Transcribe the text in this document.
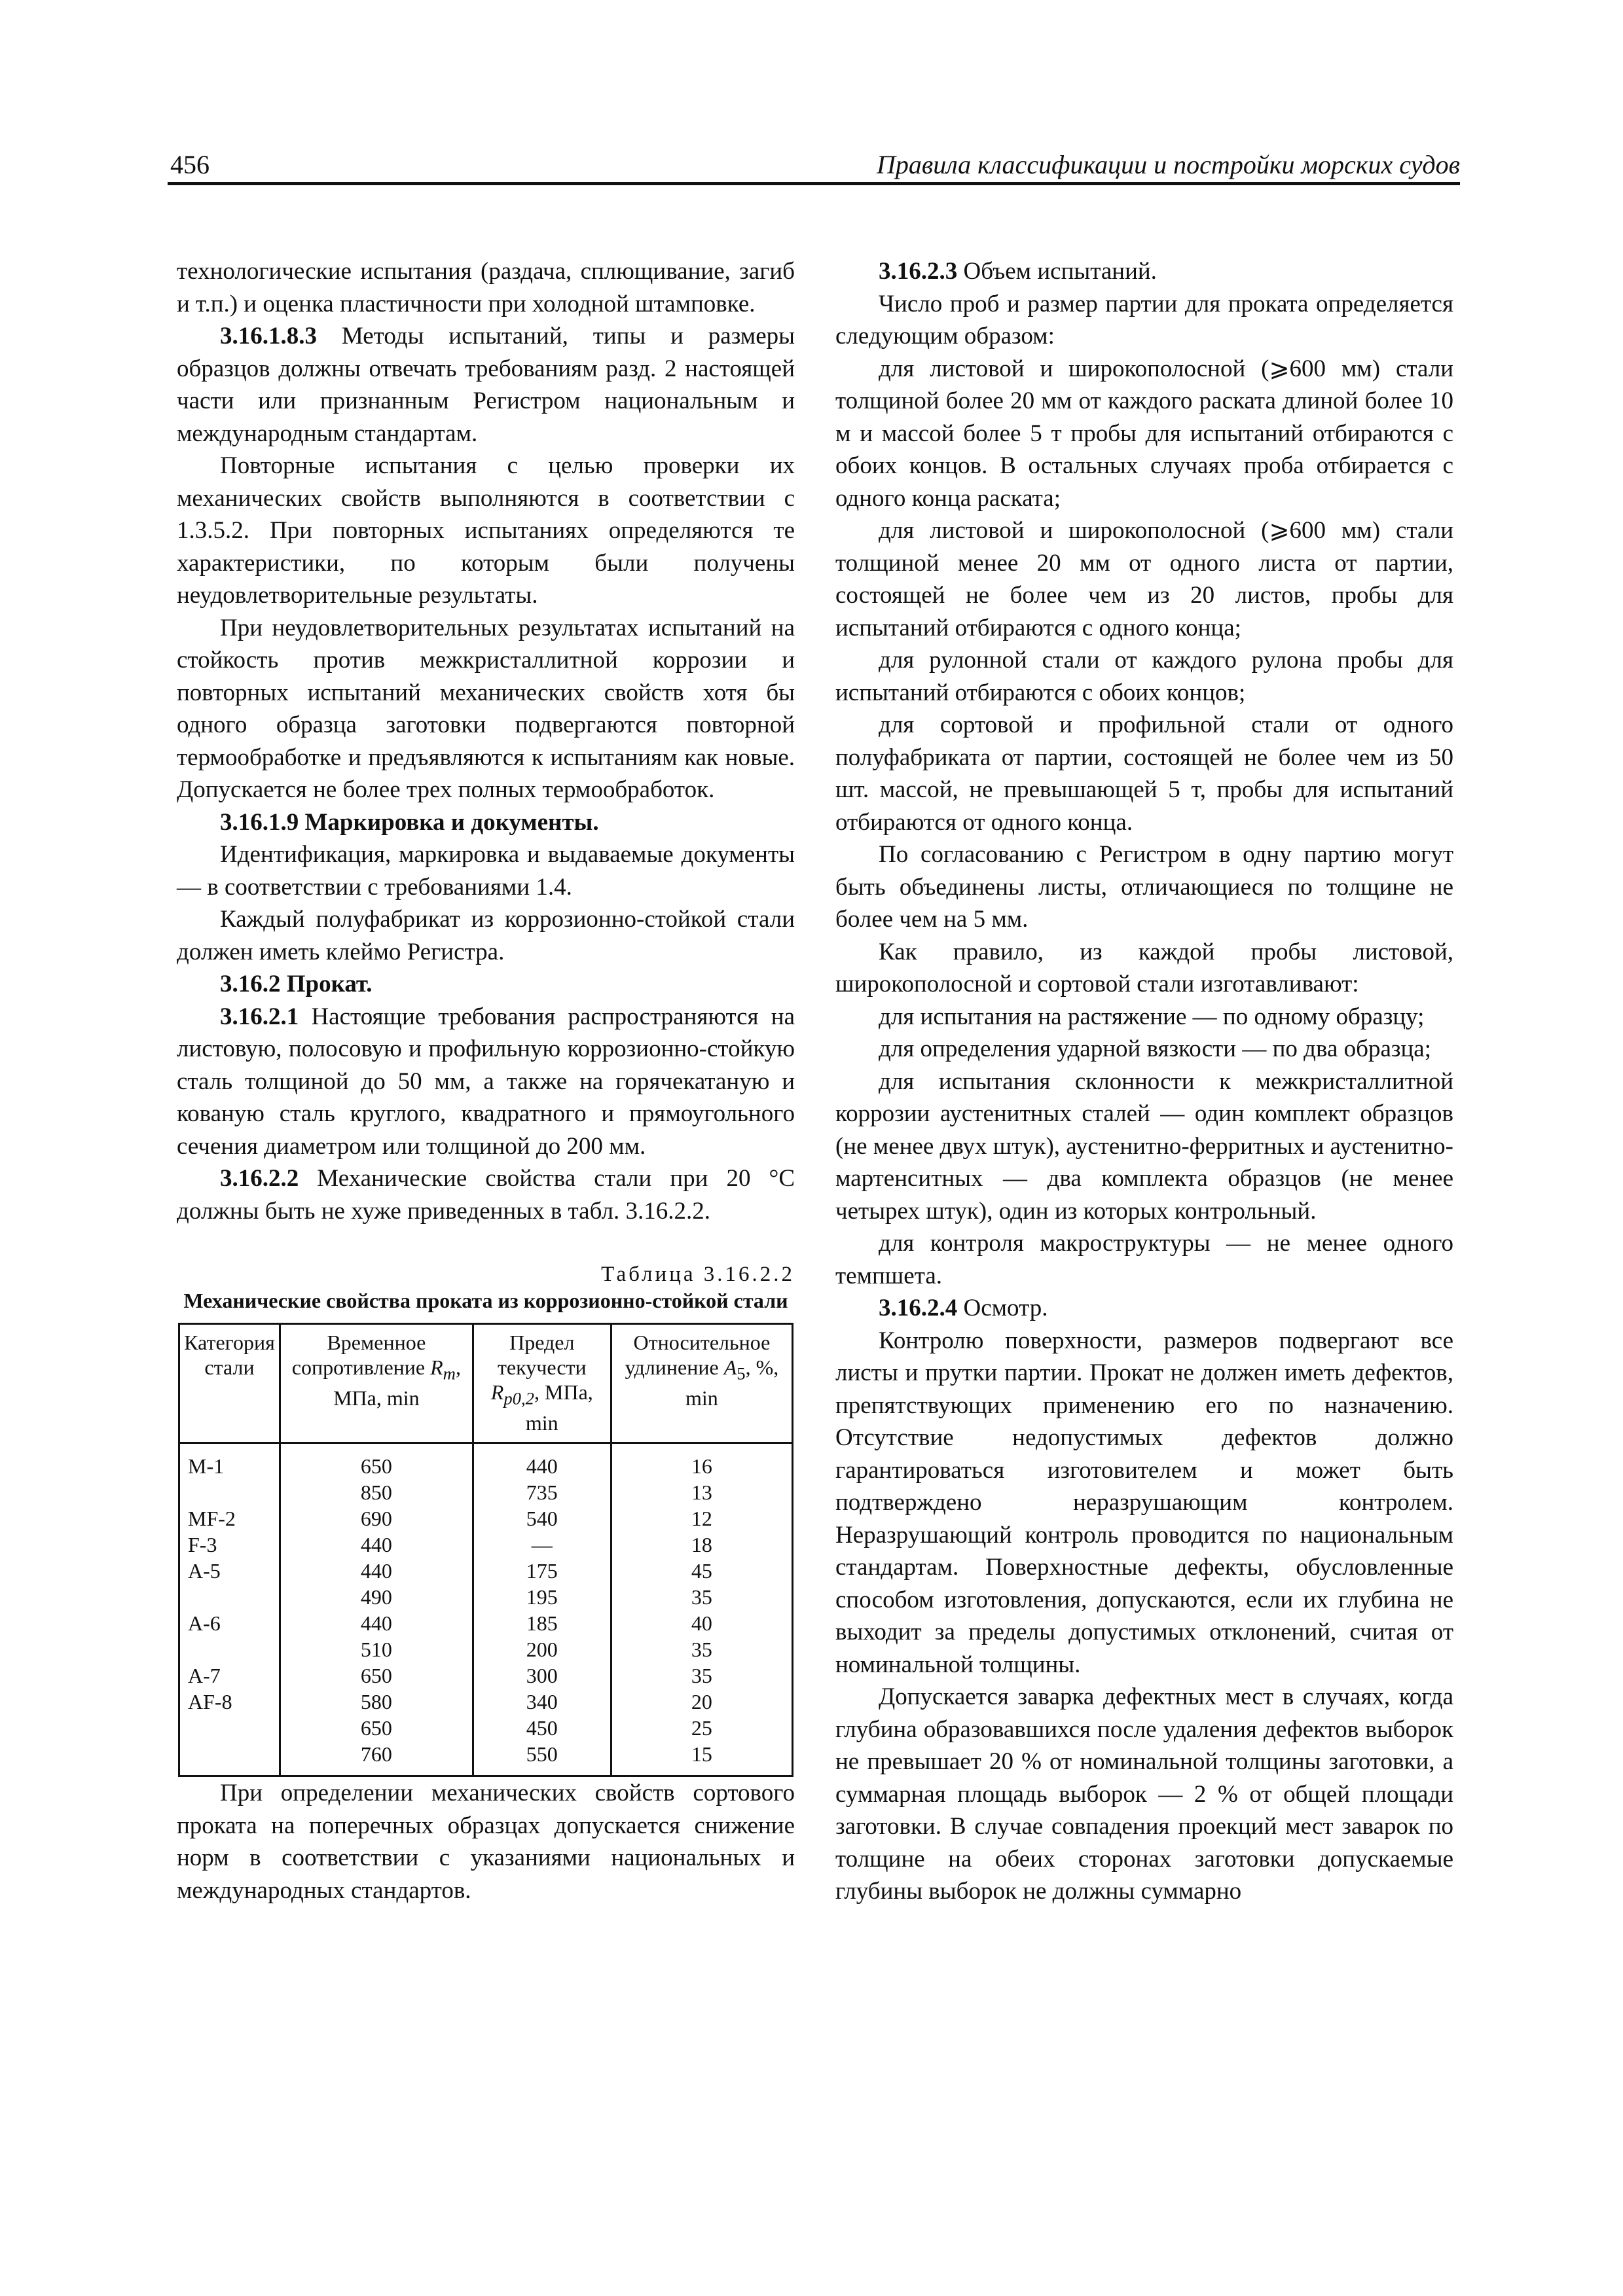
456	Правила классификации и постройки морских судов

технологические испытания (раздача, сплющивание, загиб и т.п.) и оценка пластичности при холодной штамповке.

3.16.1.8.3 Методы испытаний, типы и размеры образцов должны отвечать требованиям разд. 2 настоящей части или признанным Регистром национальным и международным стандартам.

Повторные испытания с целью проверки их механических свойств выполняются в соответствии с 1.3.5.2. При повторных испытаниях определяются те характеристики, по которым были получены неудовлетворительные результаты.

При неудовлетворительных результатах испытаний на стойкость против межкристаллитной коррозии и повторных испытаний механических свойств хотя бы одного образца заготовки подвергаются повторной термообработке и предъявляются к испытаниям как новые. Допускается не более трех полных термообработок.

3.16.1.9 Маркировка и документы.

Идентификация, маркировка и выдаваемые документы — в соответствии с требованиями 1.4.

Каждый полуфабрикат из коррозионно-стойкой стали должен иметь клеймо Регистра.

3.16.2 Прокат.

3.16.2.1 Настоящие требования распространяются на листовую, полосовую и профильную коррозионно-стойкую сталь толщиной до 50 мм, а также на горячекатаную и кованую сталь круглого, квадратного и прямоугольного сечения диаметром или толщиной до 200 мм.

3.16.2.2 Механические свойства стали при 20 °С должны быть не хуже приведенных в табл. 3.16.2.2.

Таблица 3.16.2.2
Механические свойства проката из коррозионно-стойкой стали
Категория стали	Временное сопротивление $R_m$, МПа, min	Предел текучести $R_{p0,2}$, МПа, min	Относительное удлинение $A_5$, %, min
M-1	650	440	16
	850	735	13
MF-2	690	540	12
F-3	440	—	18
A-5	440	175	45
	490	195	35
A-6	440	185	40
	510	200	35
A-7	650	300	35
AF-8	580	340	20
	650	450	25
	760	550	15

При определении механических свойств сортового проката на поперечных образцах допускается снижение норм в соответствии с указаниями национальных и международных стандартов.

3.16.2.3 Объем испытаний.

Число проб и размер партии для проката определяется следующим образом:

для листовой и широкополосной (⩾600 мм) стали толщиной более 20 мм от каждого раската длиной более 10 м и массой более 5 т пробы для испытаний отбираются с обоих концов. В остальных случаях проба отбирается с одного конца раската;

для листовой и широкополосной (⩾600 мм) стали толщиной менее 20 мм от одного листа от партии, состоящей не более чем из 20 листов, пробы для испытаний отбираются с одного конца;

для рулонной стали от каждого рулона пробы для испытаний отбираются с обоих концов;

для сортовой и профильной стали от одного полуфабриката от партии, состоящей не более чем из 50 шт. массой, не превышающей 5 т, пробы для испытаний отбираются от одного конца.

По согласованию с Регистром в одну партию могут быть объединены листы, отличающиеся по толщине не более чем на 5 мм.

Как правило, из каждой пробы листовой, широкополосной и сортовой стали изготавливают:

для испытания на растяжение — по одному образцу;

для определения ударной вязкости — по два образца;

для испытания склонности к межкристаллитной коррозии аустенитных сталей — один комплект образцов (не менее двух штук), аустенитно-ферритных и аустенитно-мартенситных — два комплекта образцов (не менее четырех штук), один из которых контрольный.

для контроля макроструктуры — не менее одного темпшета.

3.16.2.4 Осмотр.

Контролю поверхности, размеров подвергают все листы и прутки партии. Прокат не должен иметь дефектов, препятствующих применению его по назначению. Отсутствие недопустимых дефектов должно гарантироваться изготовителем и может быть подтверждено неразрушающим контролем. Неразрушающий контроль проводится по национальным стандартам. Поверхностные дефекты, обусловленные способом изготовления, допускаются, если их глубина не выходит за пределы допустимых отклонений, считая от номинальной толщины.

Допускается заварка дефектных мест в случаях, когда глубина образовавшихся после удаления дефектов выборок не превышает 20 % от номинальной толщины заготовки, а суммарная площадь выборок — 2 % от общей площади заготовки. В случае совпадения проекций мест заварок по толщине на обеих сторонах заготовки допускаемые глубины выборок не должны суммарно
